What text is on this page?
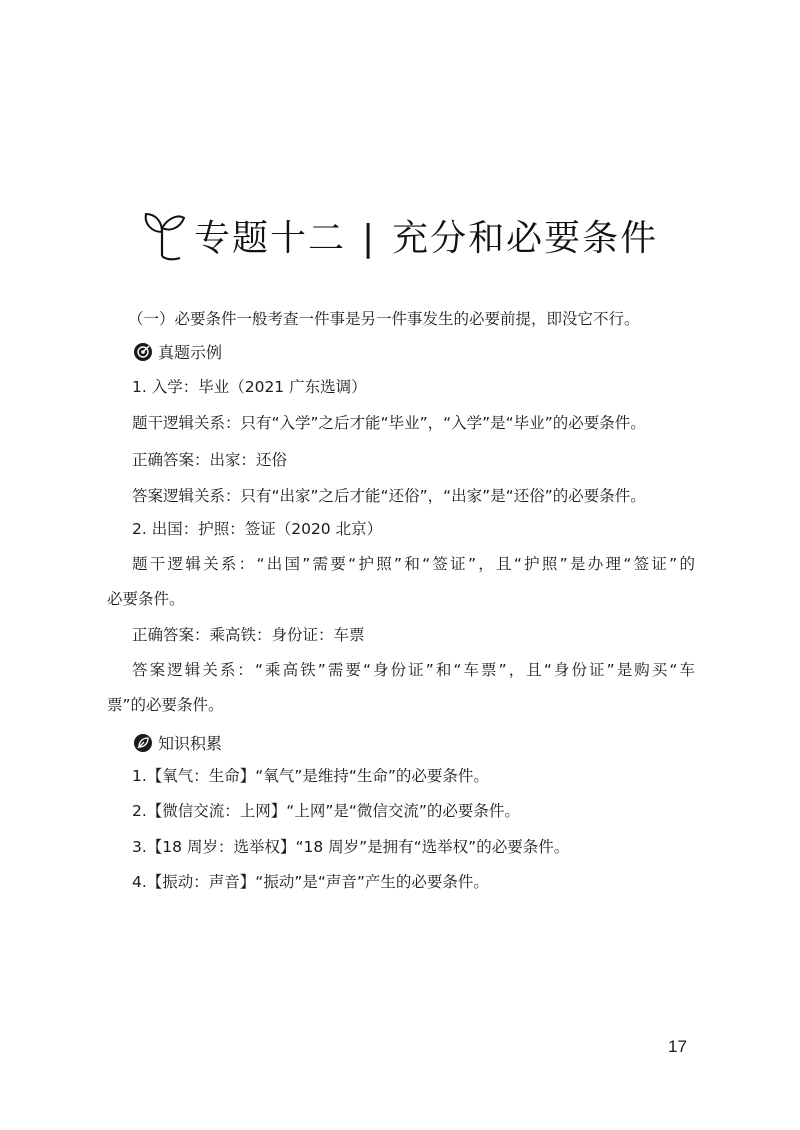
专题十二 | 充分和必要条件
（一）必要条件一般考查一件事是另一件事发生的必要前提，即没它不行。
真题示例
1. 入学：毕业（2021 广东选调）
题干逻辑关系：只有“入学”之后才能“毕业”，“入学”是“毕业”的必要条件。
正确答案：出家：还俗
答案逻辑关系：只有“出家”之后才能“还俗”，“出家”是“还俗”的必要条件。
2. 出国：护照：签证（2020 北京）
题干逻辑关系：“出国”需要“护照”和“签证”，且“护照”是办理“签证”的
必要条件。
正确答案：乘高铁：身份证：车票
答案逻辑关系：“乘高铁”需要“身份证”和“车票”，且“身份证”是购买“车
票”的必要条件。
知识积累
1.【氧气：生命】“氧气”是维持“生命”的必要条件。
2.【微信交流：上网】“上网”是“微信交流”的必要条件。
3.【18 周岁：选举权】“18 周岁”是拥有“选举权”的必要条件。
4.【振动：声音】“振动”是“声音”产生的必要条件。
17
